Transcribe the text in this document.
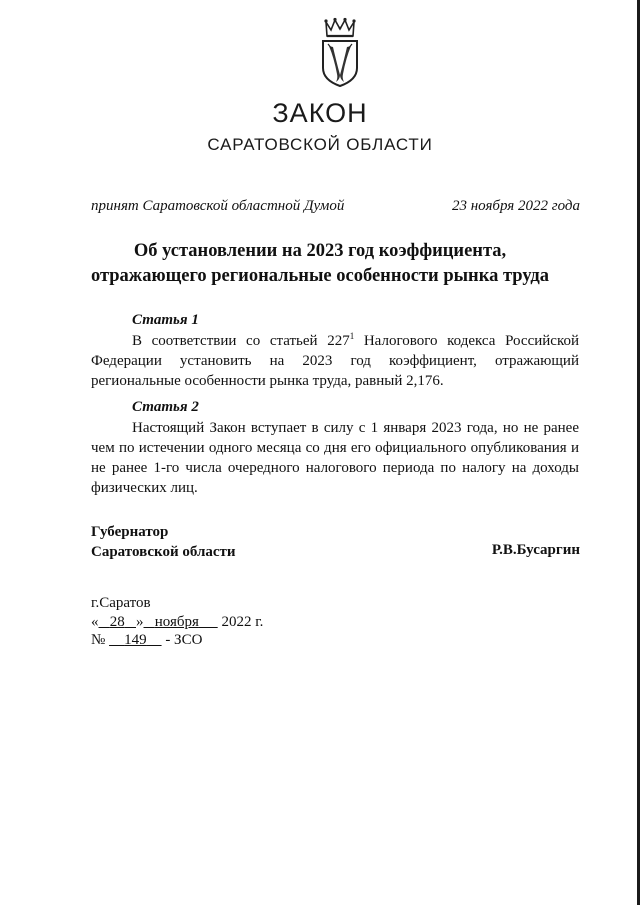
ЗАКОН
САРАТОВСКОЙ ОБЛАСТИ
принят Саратовской областной Думой	23 ноября 2022 года
Об установлении на 2023 год коэффициента,
отражающего региональные особенности рынка труда
Статья 1
В соответствии со статьей $227^1$ Налогового кодекса Российской Федерации установить на 2023 год коэффициент, отражающий региональные особенности рынка труда, равный 2,176.
Статья 2
Настоящий Закон вступает в силу с 1 января 2023 года, но не ранее чем по истечении одного месяца со дня его официального опубликования и не ранее 1-го числа очередного налогового периода по налогу на доходы физических лиц.
Губернатор
Саратовской области	Р.В.Бусаргин
г.Саратов
« 28 » ноября 2022 г.
№     149 - ЗСО
